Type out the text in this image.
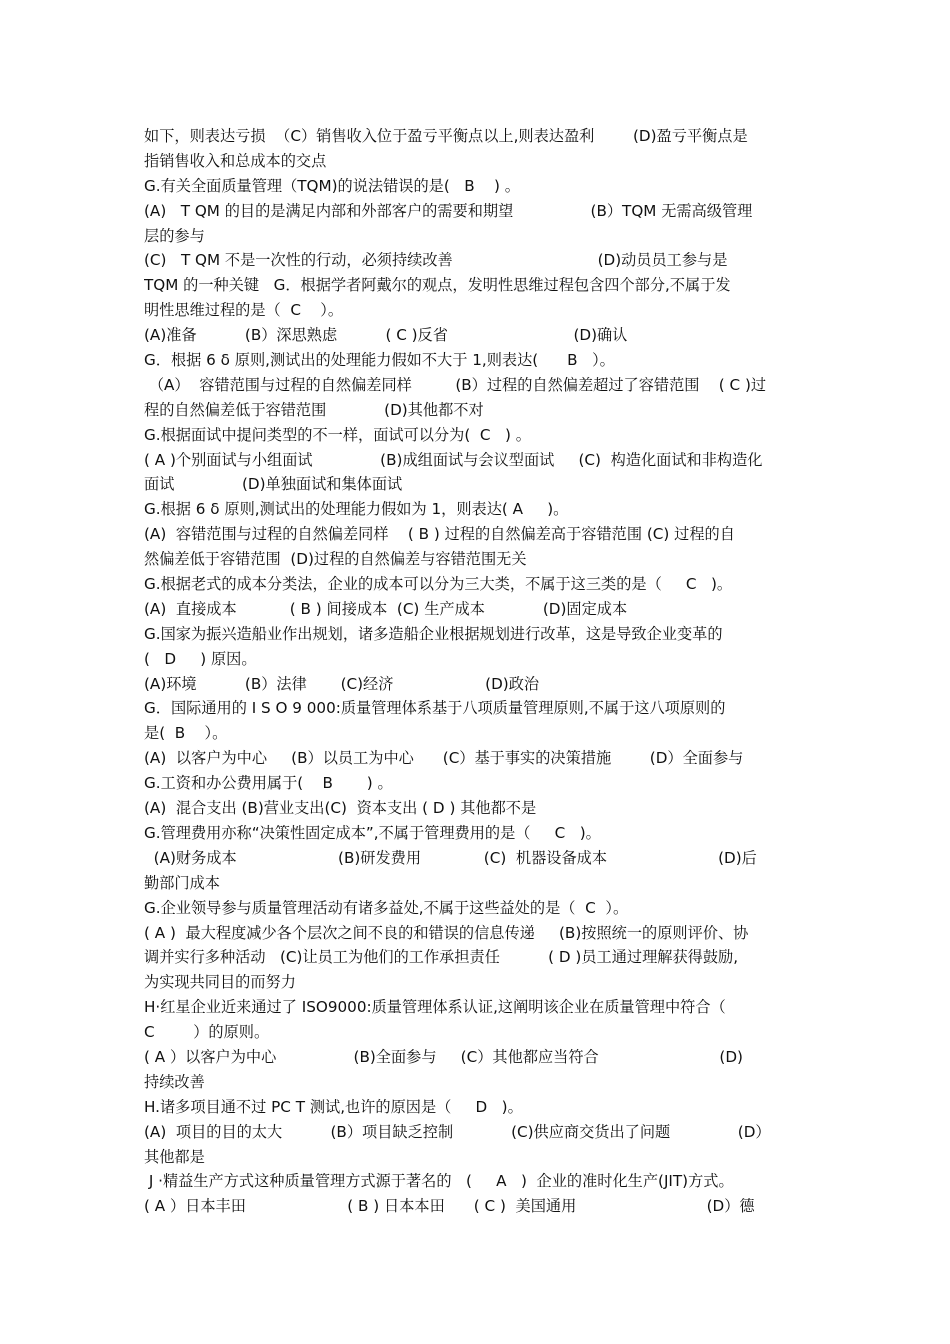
如下，则表达亏损  （C）销售收入位于盈亏平衡点以上,则表达盈利        (D)盈亏平衡点是
指销售收入和总成本的交点
G.有关全面质量管理（TQM)的说法错误的是(   B    ) 。
(A)   T QM 的目的是满足内部和外部客户的需要和期望                (B）TQM 无需高级管理
层的参与
(C)   T QM 不是一次性的行动，必须持续改善                              (D)动员员工参与是
TQM 的一种关键   G．根据学者阿戴尔的观点，发明性思维过程包含四个部分,不属于发
明性思维过程的是（  C    ）。
(A)准备          (B）深思熟虑          ( C )反省                          (D)确认
G．根据 6 δ 原则,测试出的处理能力假如不大于 1,则表达(      B   ）。
（A）  容错范围与过程的自然偏差同样         (B）过程的自然偏差超过了容错范围    ( C )过
程的自然偏差低于容错范围            (D)其他都不对
G.根据面试中提问类型的不一样，面试可以分为(  C   ) 。
( A )个别面试与小组面试              (B)成组面试与会议型面试     (C)  构造化面试和非构造化
面试              (D)单独面试和集体面试
G.根据 6 δ 原则,测试出的处理能力假如为 1，则表达( A     )。
(A)  容错范围与过程的自然偏差同样    ( B ) 过程的自然偏差高于容错范围 (C) 过程的自
然偏差低于容错范围  (D)过程的自然偏差与容错范围无关
G.根据老式的成本分类法，企业的成本可以分为三大类，不属于这三类的是（     C   )。
(A)  直接成本           ( B ) 间接成本  (C) 生产成本            (D)固定成本
G.国家为振兴造船业作出规划，诸多造船企业根据规划进行改革，这是导致企业变革的
(   D     ) 原因。
(A)环境          (B）法律       (C)经济                   (D)政治
G．国际通用的 I S O 9 000:质量管理体系基于八项质量管理原则,不属于这八项原则的
是(  B    ）。
(A)  以客户为中心     (B）以员工为中心      (C）基于事实的决策措施        (D）全面参与
G.工资和办公费用属于(    B       ) 。
(A)  混合支出 (B)营业支出(C)  资本支出 ( D ) 其他都不是
G.管理费用亦称“决策性固定成本”,不属于管理费用的是（     C   )。
(A)财务成本                     (B)研发费用             (C)  机器设备成本                       (D)后
勤部门成本
G.企业领导参与质量管理活动有诸多益处,不属于这些益处的是（  C  ）。
( A )  最大程度减少各个层次之间不良的和错误的信息传递     (B)按照统一的原则评价、协
调并实行多种活动   (C)让员工为他们的工作承担责任          ( D )员工通过理解获得鼓励,
为实现共同目的而努力
H·红星企业近来通过了 ISO9000:质量管理体系认证,这阐明该企业在质量管理中符合（
C        ）的原则。
( A ）以客户为中心                (B)全面参与     (C）其他都应当符合                         (D)
持续改善
H.诸多项目通不过 PC T 测试,也许的原因是（     D   )。
(A)  项目的目的太大          (B）项目缺乏控制            (C)供应商交货出了问题              (D）
其他都是
J ·精益生产方式这种质量管理方式源于著名的   (     A   )  企业的准时化生产(JIT)方式。
( A ）日本丰田                     ( B ) 日本本田      ( C )  美国通用                           (D）德
